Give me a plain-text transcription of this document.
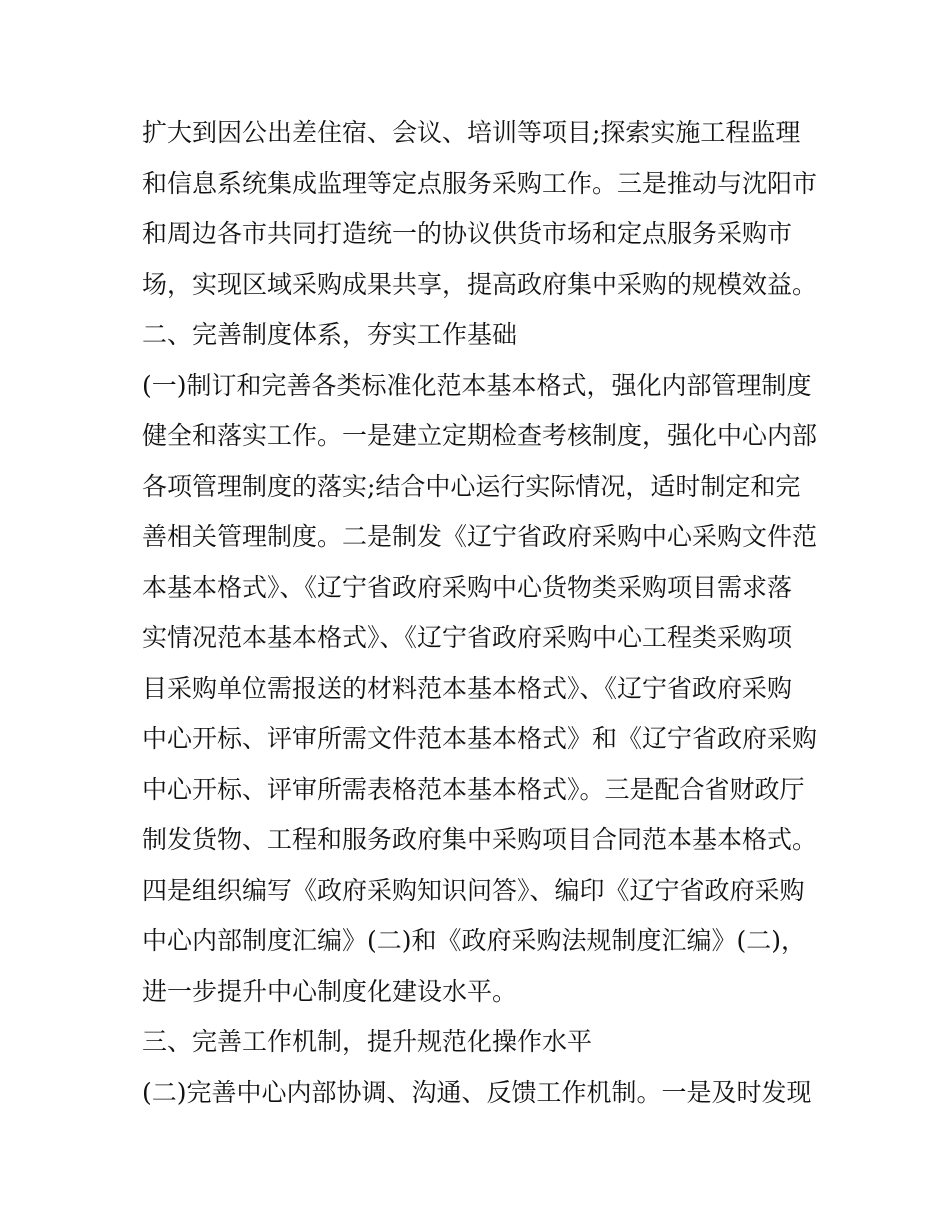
扩大到因公出差住宿、会议、培训等项目;探索实施工程监理
和信息系统集成监理等定点服务采购工作。三是推动与沈阳市
和周边各市共同打造统一的协议供货市场和定点服务采购市
场，实现区域采购成果共享，提高政府集中采购的规模效益。
二、完善制度体系，夯实工作基础
(一)制订和完善各类标准化范本基本格式，强化内部管理制度
健全和落实工作。一是建立定期检查考核制度，强化中心内部
各项管理制度的落实;结合中心运行实际情况，适时制定和完
善相关管理制度。二是制发《辽宁省政府采购中心采购文件范
本基本格式》、《辽宁省政府采购中心货物类采购项目需求落
实情况范本基本格式》、《辽宁省政府采购中心工程类采购项
目采购单位需报送的材料范本基本格式》、《辽宁省政府采购
中心开标、评审所需文件范本基本格式》和《辽宁省政府采购
中心开标、评审所需表格范本基本格式》。三是配合省财政厅
制发货物、工程和服务政府集中采购项目合同范本基本格式。
四是组织编写《政府采购知识问答》、编印《辽宁省政府采购
中心内部制度汇编》(二)和《政府采购法规制度汇编》(二)，
进一步提升中心制度化建设水平。
三、完善工作机制，提升规范化操作水平
(二)完善中心内部协调、沟通、反馈工作机制。一是及时发现
